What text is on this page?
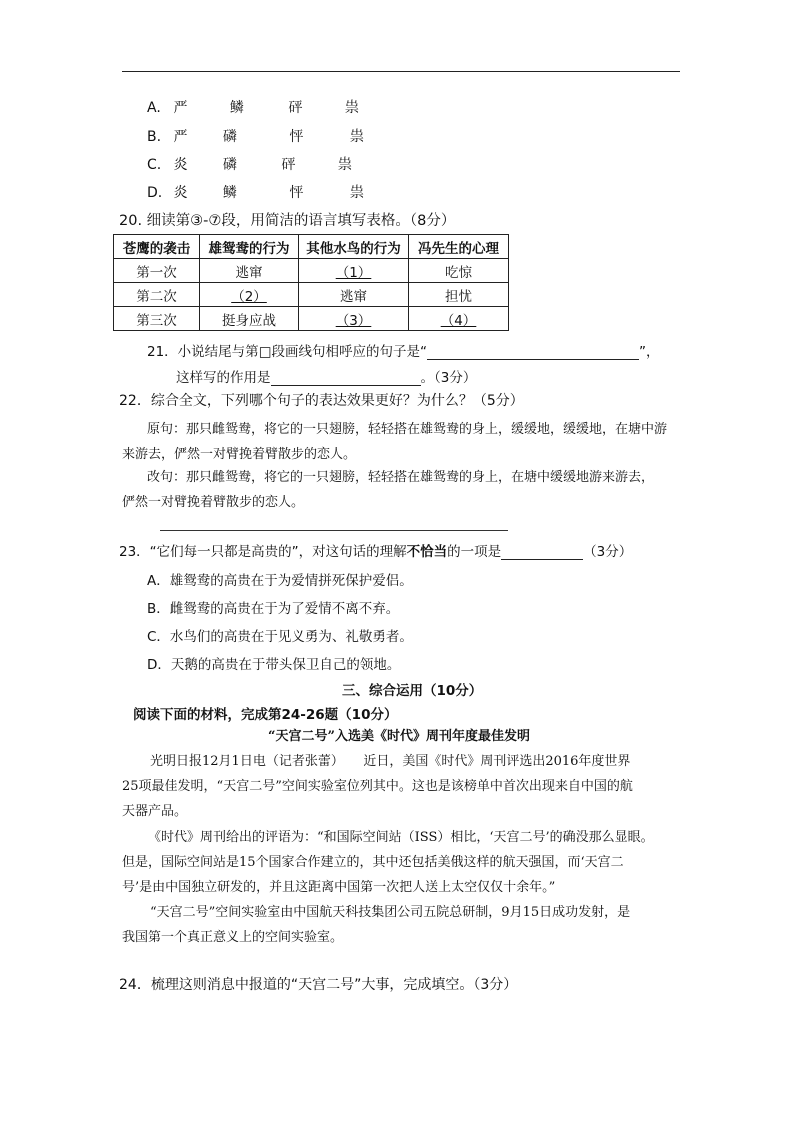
A. 严	鳞	砰	祟
B. 严	磷	怦	祟
C. 炎	磷	砰	祟
D. 炎	鳞	怦	祟
20. 细读第③-⑦段，用简洁的语言填写表格。（8分）
苍鹰的袭击	雄鸳鸯的行为	其他水鸟的行为	冯先生的心理
第一次	逃窜	（1）	吃惊
第二次	（2）	逃窜	担忧
第三次	挺身应战	（3）	（4）
21．小说结尾与第□段画线句相呼应的句子是“	”，
这样写的作用是	。（3分）
22．综合全文，下列哪个句子的表达效果更好？为什么？（5分）
原句：那只雌鸳鸯，将它的一只翅膀，轻轻搭在雄鸳鸯的身上，缓缓地，缓缓地，在塘中游
来游去，俨然一对臂挽着臂散步的恋人。
改句：那只雌鸳鸯，将它的一只翅膀，轻轻搭在雄鸳鸯的身上，在塘中缓缓地游来游去，
俨然一对臂挽着臂散步的恋人。
23．“它们每一只都是高贵的”，对这句话的理解不恰当的一项是	（3分）
A．雄鸳鸯的高贵在于为爱情拼死保护爱侣。
B．雌鸳鸯的高贵在于为了爱情不离不弃。
C．水鸟们的高贵在于见义勇为、礼敬勇者。
D．天鹅的高贵在于带头保卫自己的领地。
三、综合运用（10分）
阅读下面的材料，完成第24-26题（10分）
“天宫二号”入选美《时代》周刊年度最佳发明
光明日报12月1日电（记者张蕾）　　近日，美国《时代》周刊评选出2016年度世界
25项最佳发明，“天宫二号”空间实验室位列其中。这也是该榜单中首次出现来自中国的航
天器产品。
《时代》周刊给出的评语为：“和国际空间站（ISS）相比，‘天宫二号’的确没那么显眼。
但是，国际空间站是15个国家合作建立的，其中还包括美俄这样的航天强国，而‘天宫二
号’是由中国独立研发的，并且这距离中国第一次把人送上太空仅仅十余年。”
“天宫二号”空间实验室由中国航天科技集团公司五院总研制，9月15日成功发射，是
我国第一个真正意义上的空间实验室。
24．梳理这则消息中报道的“天宫二号”大事，完成填空。（3分）
